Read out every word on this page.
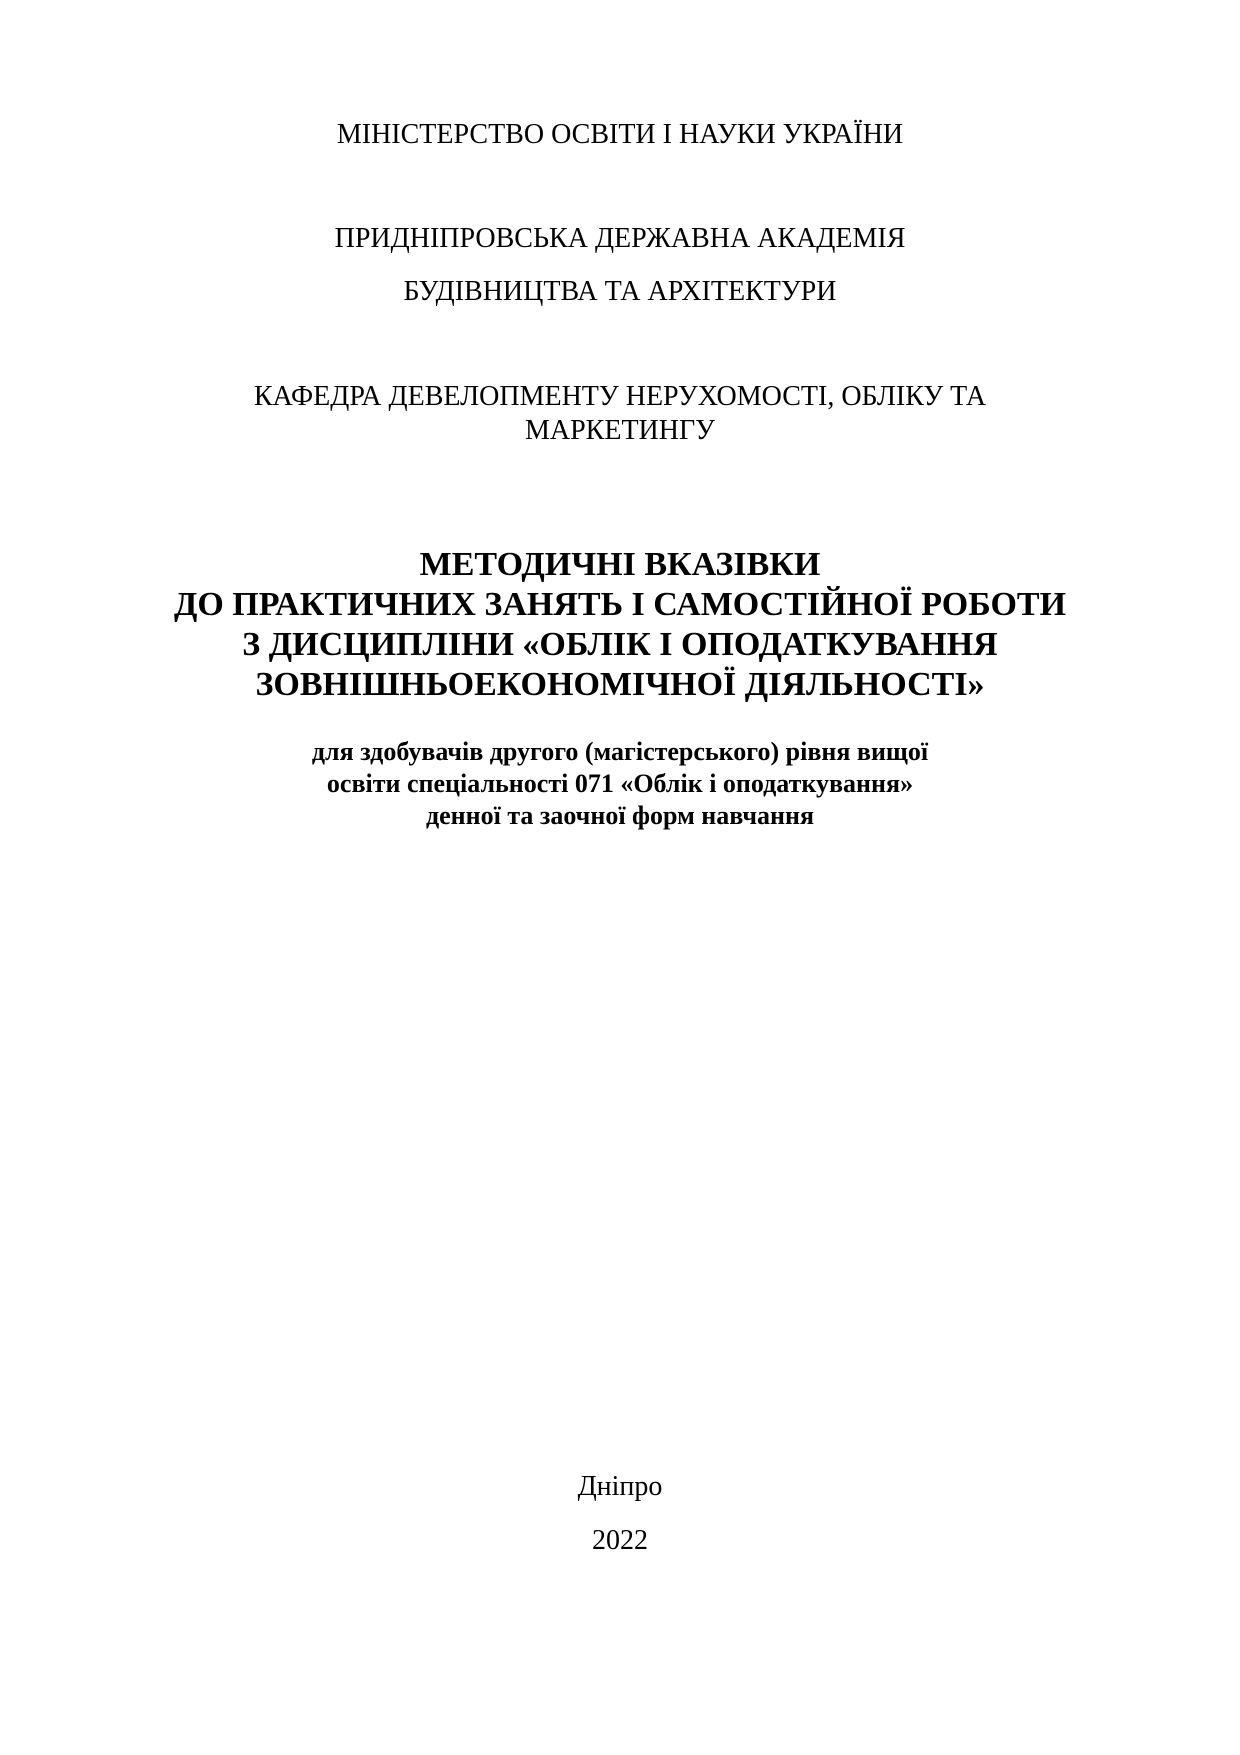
МІНІСТЕРСТВО ОСВІТИ І НАУКИ УКРАЇНИ
ПРИДНІПРОВСЬКА ДЕРЖАВНА АКАДЕМІЯ
БУДІВНИЦТВА ТА АРХІТЕКТУРИ
КАФЕДРА ДЕВЕЛОПМЕНТУ НЕРУХОМОСТІ, ОБЛІКУ ТА
МАРКЕТИНГУ
МЕТОДИЧНІ ВКАЗІВКИ
ДО ПРАКТИЧНИХ ЗАНЯТЬ І САМОСТІЙНОЇ РОБОТИ
З ДИСЦИПЛІНИ «ОБЛІК І ОПОДАТКУВАННЯ
ЗОВНІШНЬОЕКОНОМІЧНОЇ ДІЯЛЬНОСТІ»
для здобувачів другого (магістерського) рівня вищої
освіти спеціальності 071 «Облік і оподаткування»
денної та заочної форм навчання
Дніпро
2022
